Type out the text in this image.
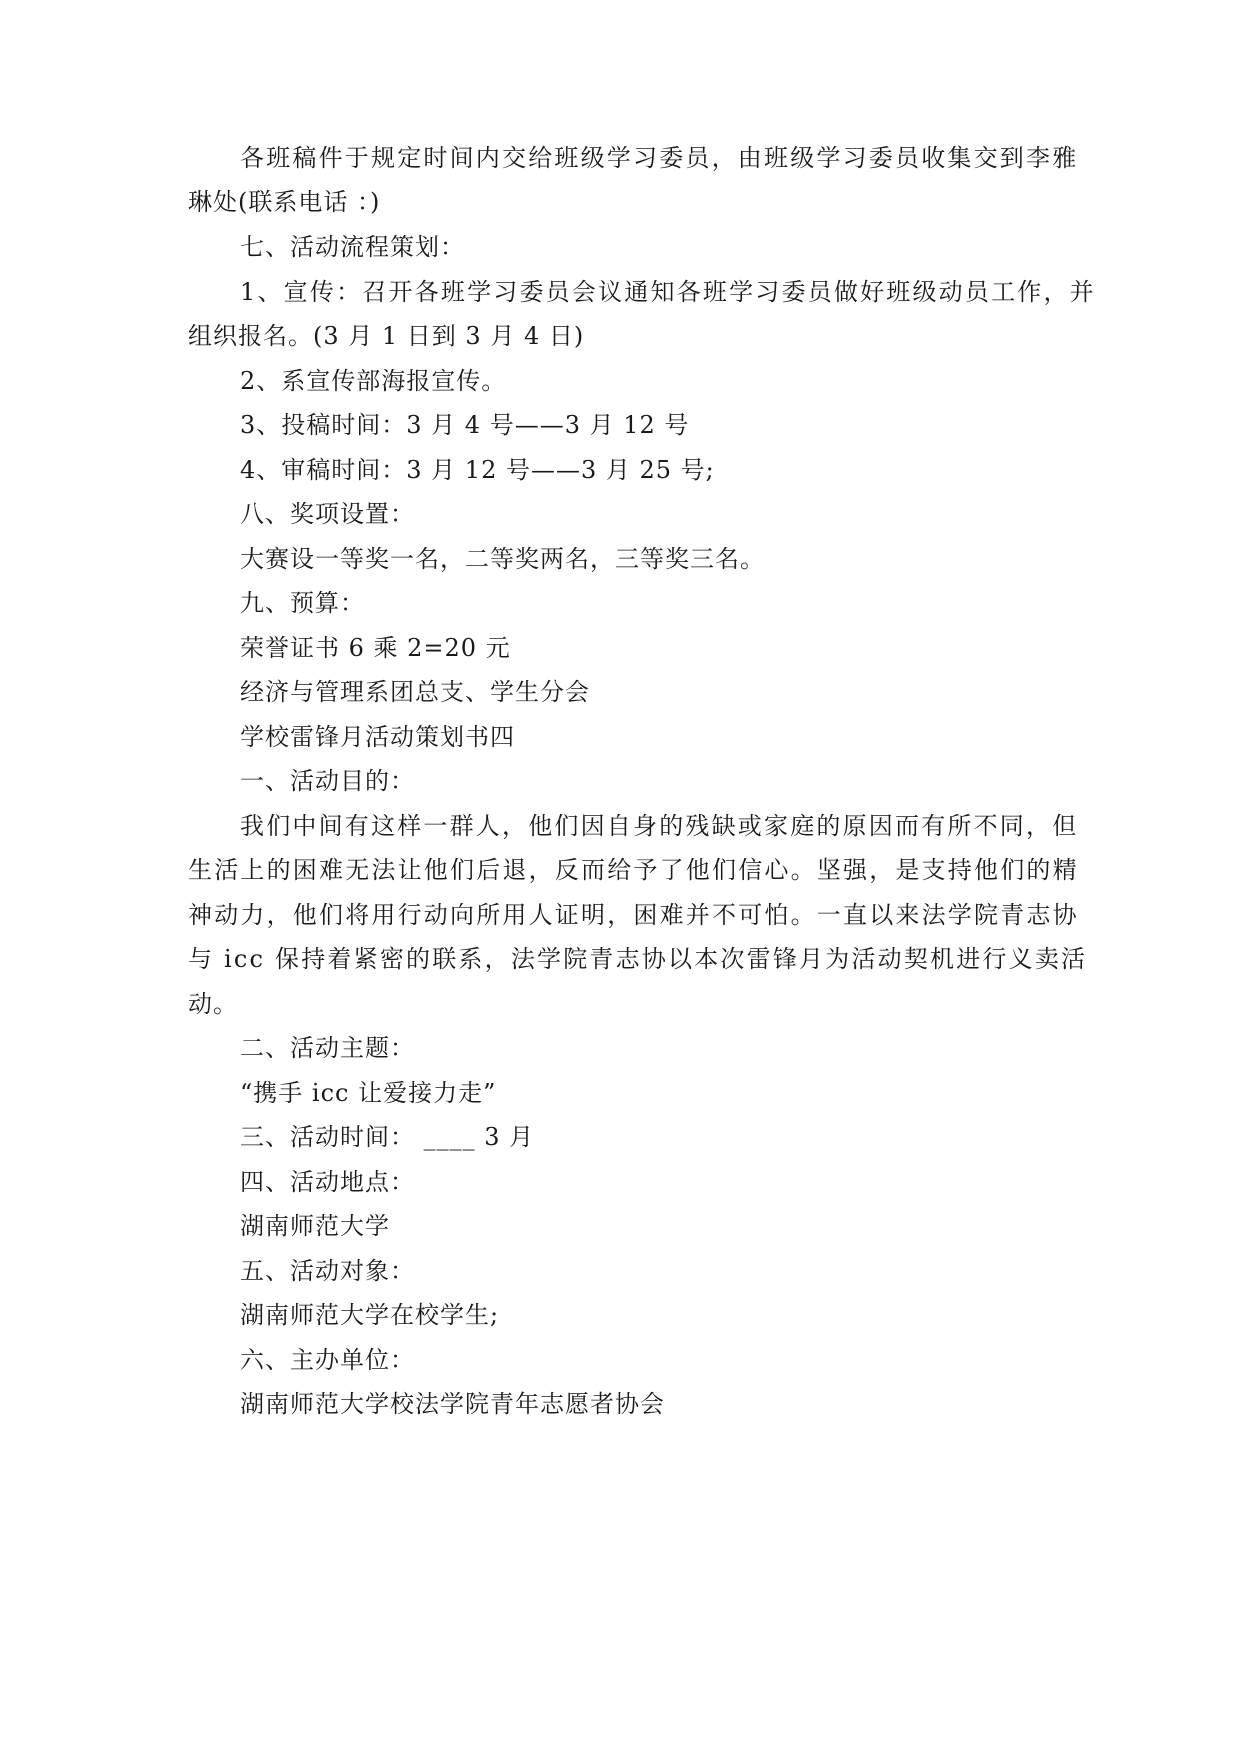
各班稿件于规定时间内交给班级学习委员，由班级学习委员收集交到李雅
琳处(联系电话 ：)
七、活动流程策划：
1、宣传：召开各班学习委员会议通知各班学习委员做好班级动员工作，并
组织报名。(3 月 1 日到 3 月 4 日)
2、系宣传部海报宣传。
3、投稿时间：3 月 4 号——3 月 12 号
4、审稿时间：3 月 12 号——3 月 25 号;
八、奖项设置：
大赛设一等奖一名，二等奖两名，三等奖三名。
九、预算：
荣誉证书 6 乘 2=20 元
经济与管理系团总支、学生分会
学校雷锋月活动策划书四
一、活动目的：
我们中间有这样一群人，他们因自身的残缺或家庭的原因而有所不同，但
生活上的困难无法让他们后退，反而给予了他们信心。坚强，是支持他们的精
神动力，他们将用行动向所用人证明，困难并不可怕。一直以来法学院青志协
与 icc 保持着紧密的联系，法学院青志协以本次雷锋月为活动契机进行义卖活
动。
二、活动主题：
“携手 icc 让爱接力走”
三、活动时间： ____ 3 月
四、活动地点：
湖南师范大学
五、活动对象：
湖南师范大学在校学生;
六、主办单位：
湖南师范大学校法学院青年志愿者协会
